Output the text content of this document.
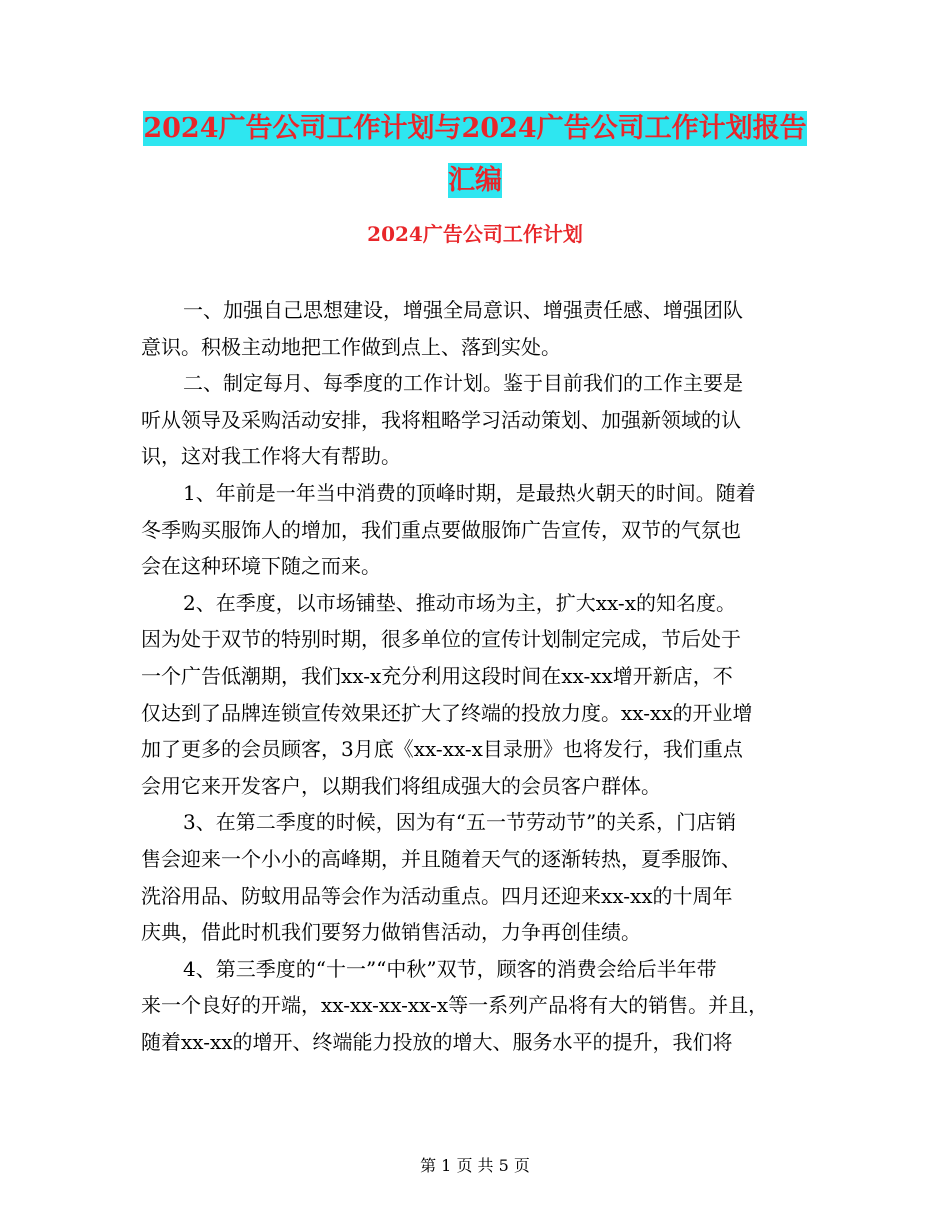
2024广告公司工作计划与2024广告公司工作计划报告
汇编
2024广告公司工作计划

一、加强自己思想建设，增强全局意识、增强责任感、增强团队
意识。积极主动地把工作做到点上、落到实处。

二、制定每月、每季度的工作计划。鉴于目前我们的工作主要是
听从领导及采购活动安排，我将粗略学习活动策划、加强新领域的认
识，这对我工作将大有帮助。

1、年前是一年当中消费的顶峰时期，是最热火朝天的时间。随着
冬季购买服饰人的增加，我们重点要做服饰广告宣传，双节的气氛也
会在这种环境下随之而来。

2、在季度，以市场铺垫、推动市场为主，扩大xx-x的知名度。
因为处于双节的特别时期，很多单位的宣传计划制定完成，节后处于
一个广告低潮期，我们xx-x充分利用这段时间在xx-xx增开新店，不
仅达到了品牌连锁宣传效果还扩大了终端的投放力度。xx-xx的开业增
加了更多的会员顾客，3月底《xx-xx-x目录册》也将发行，我们重点
会用它来开发客户，以期我们将组成强大的会员客户群体。

3、在第二季度的时候，因为有“五一节劳动节”的关系，门店销
售会迎来一个小小的高峰期，并且随着天气的逐渐转热，夏季服饰、
洗浴用品、防蚊用品等会作为活动重点。四月还迎来xx-xx的十周年
庆典，借此时机我们要努力做销售活动，力争再创佳绩。

4、第三季度的“十一”“中秋”双节，顾客的消费会给后半年带
来一个良好的开端，xx-xx-xx-xx-x等一系列产品将有大的销售。并且，
随着xx-xx的增开、终端能力投放的增大、服务水平的提升，我们将

第 1 页 共 5 页
